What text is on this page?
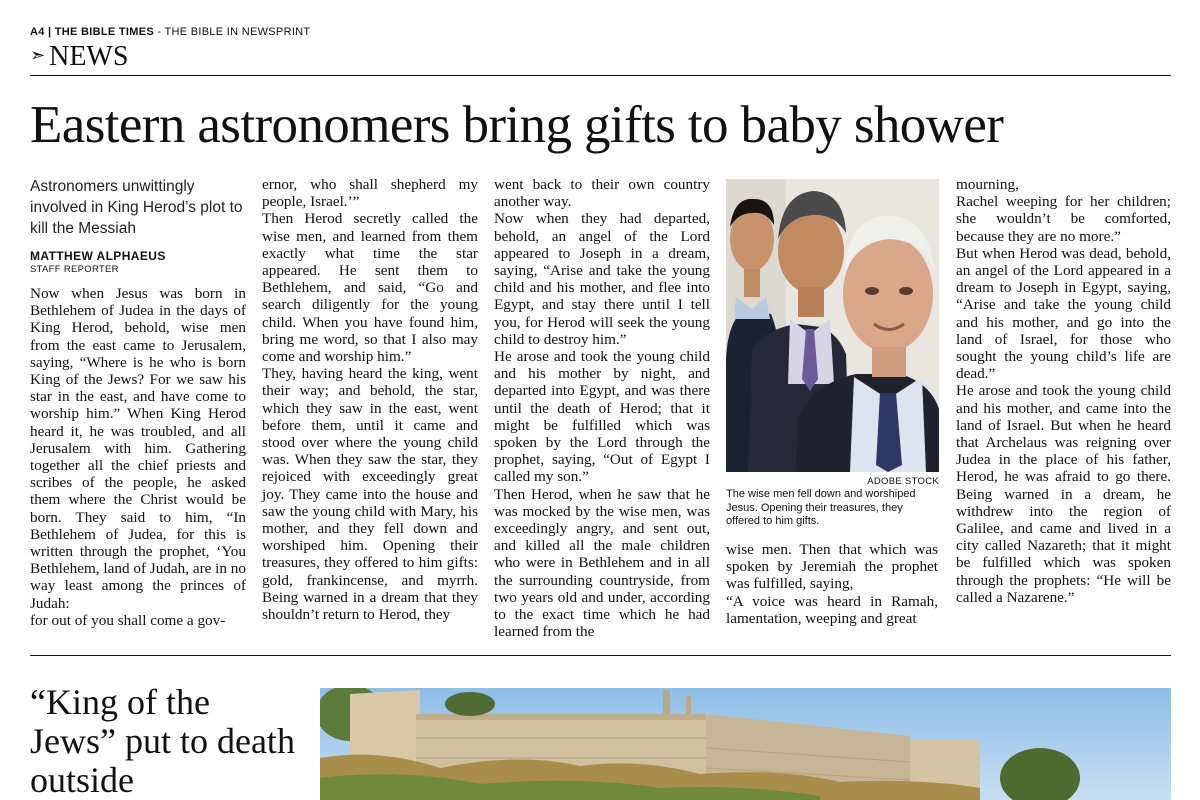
A4 | THE BIBLE TIMES - THE BIBLE IN NEWSPRINT
➣ NEWS
Eastern astronomers bring gifts to baby shower
Astronomers unwittingly involved in King Herod’s plot to kill the Messiah
MATTHEW ALPHAEUS
STAFF REPORTER

Now when Jesus was born in Bethlehem of Judea in the days of King Herod, behold, wise men from the east came to Jerusalem, saying, “Where is he who is born King of the Jews? For we saw his star in the east, and have come to worship him.” When King Herod heard it, he was troubled, and all Jerusalem with him. Gathering together all the chief priests and scribes of the people, he asked them where the Christ would be born. They said to him, “In Bethlehem of Judea, for this is written through the prophet, ‘You Bethlehem, land of Judah, are in no way least among the princes of Judah:

for out of you shall come a gov-

ernor, who shall shepherd my people, Israel.’”

Then Herod secretly called the wise men, and learned from them exactly what time the star appeared. He sent them to Bethlehem, and said, “Go and search diligently for the young child. When you have found him, bring me word, so that I also may come and worship him.”

They, having heard the king, went their way; and behold, the star, which they saw in the east, went before them, until it came and stood over where the young child was. When they saw the star, they rejoiced with exceedingly great joy. They came into the house and saw the young child with Mary, his mother, and they fell down and worshiped him. Opening their treasures, they offered to him gifts: gold, frankincense, and myrrh. Being warned in a dream that they shouldn’t return to Herod, they

went back to their own country another way.

Now when they had departed, behold, an angel of the Lord appeared to Joseph in a dream, saying, “Arise and take the young child and his mother, and flee into Egypt, and stay there until I tell you, for Herod will seek the young child to destroy him.”

He arose and took the young child and his mother by night, and departed into Egypt, and was there until the death of Herod; that it might be fulfilled which was spoken by the Lord through the prophet, saying, “Out of Egypt I called my son.”

Then Herod, when he saw that he was mocked by the wise men, was exceedingly angry, and sent out, and killed all the male children who were in Bethlehem and in all the surrounding countryside, from two years old and under, according to the exact time which he had learned from the

ADOBE STOCK
The wise men fell down and worshiped Jesus. Opening their treasures, they offered to him gifts.

wise men. Then that which was spoken by Jeremiah the prophet was fulfilled, saying,

“A voice was heard in Ramah, lamentation, weeping and great

mourning,

Rachel weeping for her children; she wouldn’t be comforted, because they are no more.”

But when Herod was dead, behold, an angel of the Lord appeared in a dream to Joseph in Egypt, saying, “Arise and take the young child and his mother, and go into the land of Israel, for those who sought the young child’s life are dead.”

He arose and took the young child and his mother, and came into the land of Israel. But when he heard that Archelaus was reigning over Judea in the place of his father, Herod, he was afraid to go there. Being warned in a dream, he withdrew into the region of Galilee, and came and lived in a city called Nazareth; that it might be fulfilled which was spoken through the prophets: “He will be called a Nazarene.”

“King of the Jews” put to death outside
